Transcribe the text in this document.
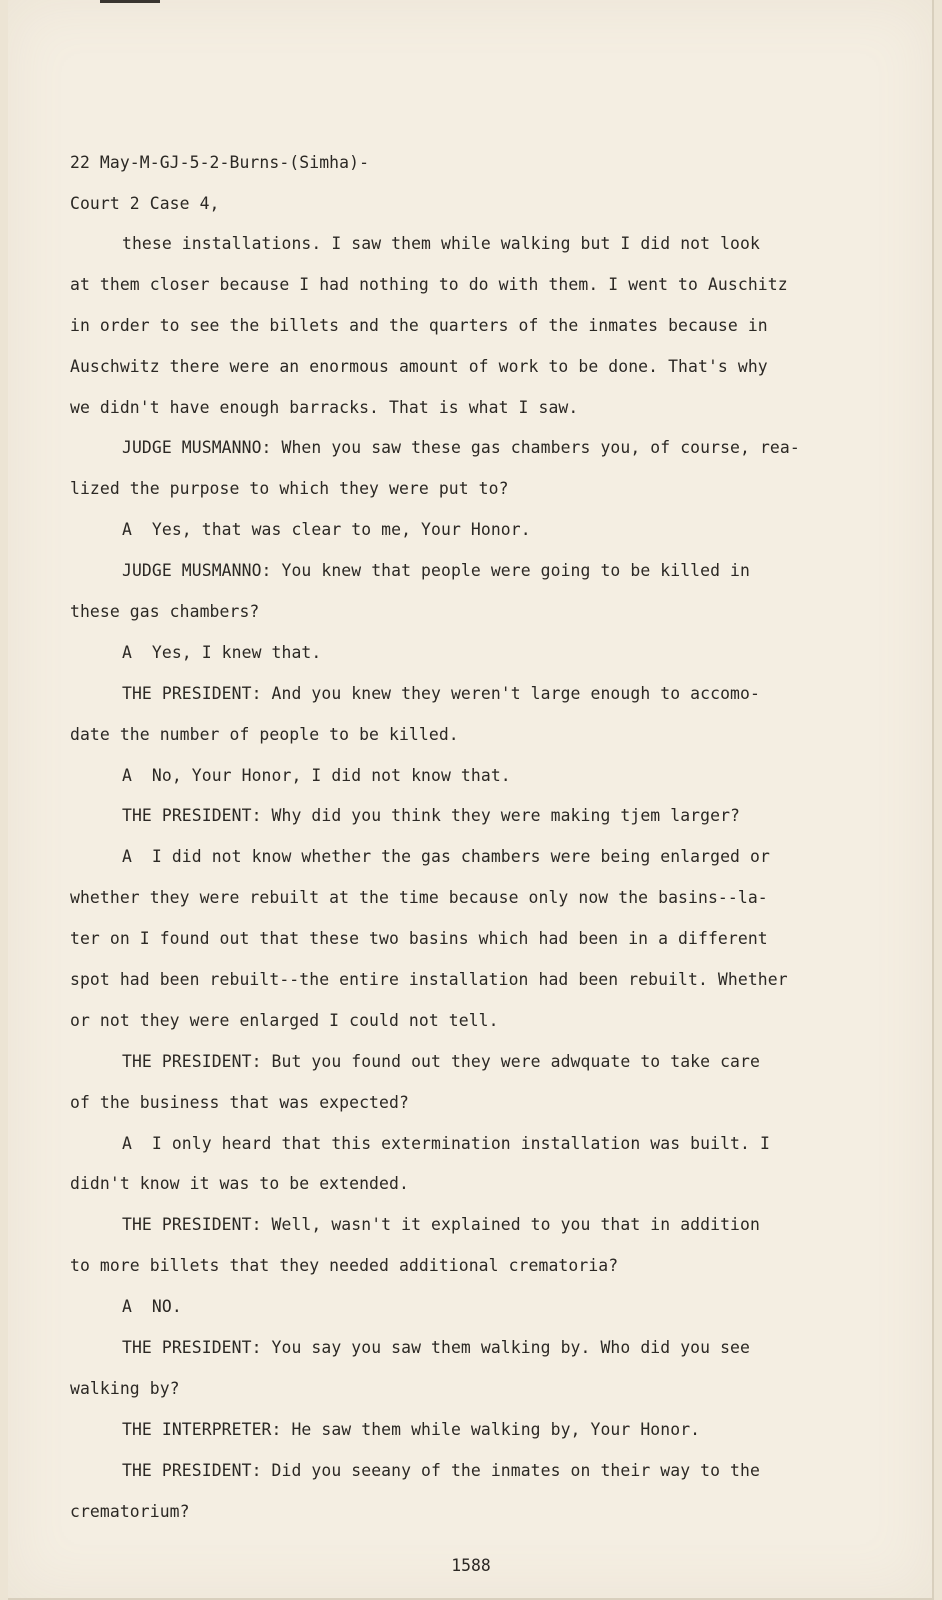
22 May-M-GJ-5-2-Burns-(Simha)-
Court 2 Case 4,
these installations. I saw them while walking but I did not look
at them closer because I had nothing to do with them. I went to Auschitz
in order to see the billets and the quarters of the inmates because in
Auschwitz there were an enormous amount of work to be done. That's why
we didn't have enough barracks. That is what I saw.
JUDGE MUSMANNO: When you saw these gas chambers you, of course, rea-
lized the purpose to which they were put to?
A  Yes, that was clear to me, Your Honor.
JUDGE MUSMANNO: You knew that people were going to be killed in
these gas chambers?
A  Yes, I knew that.
THE PRESIDENT: And you knew they weren't large enough to accomo-
date the number of people to be killed.
A  No, Your Honor, I did not know that.
THE PRESIDENT: Why did you think they were making tjem larger?
A  I did not know whether the gas chambers were being enlarged or
whether they were rebuilt at the time because only now the basins--la-
ter on I found out that these two basins which had been in a different
spot had been rebuilt--the entire installation had been rebuilt. Whether
or not they were enlarged I could not tell.
THE PRESIDENT: But you found out they were adwquate to take care
of the business that was expected?
A  I only heard that this extermination installation was built. I
didn't know it was to be extended.
THE PRESIDENT: Well, wasn't it explained to you that in addition
to more billets that they needed additional crematoria?
A  NO.
THE PRESIDENT: You say you saw them walking by. Who did you see
walking by?
THE INTERPRETER: He saw them while walking by, Your Honor.
THE PRESIDENT: Did you seeany of the inmates on their way to the
crematorium?
1588
